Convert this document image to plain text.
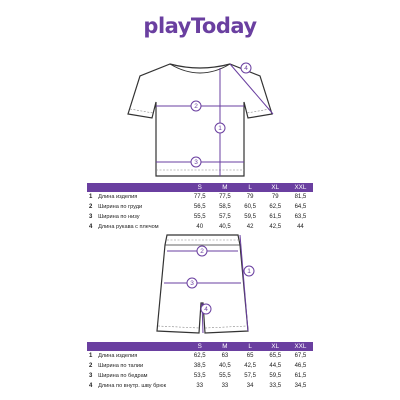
playToday
1
2
3
4
		S	M	L	XL	XXL
1	Длина изделия	77,5	77,5	79	79	81,5
2	Ширина по груди	56,5	58,5	60,5	62,5	64,5
3	Ширина по низу	55,5	57,5	59,5	61,5	63,5
4	Длина рукава с плечом	40	40,5	42	42,5	44
1
2
3
4
		S	M	L	XL	XXL
1	Длина изделия	62,5	63	65	65,5	67,5
2	Ширина по талии	38,5	40,5	42,5	44,5	46,5
3	Ширина по бедрам	53,5	55,5	57,5	59,5	61,5
4	Длина по внутр. шву брюк	33	33	34	33,5	34,5
